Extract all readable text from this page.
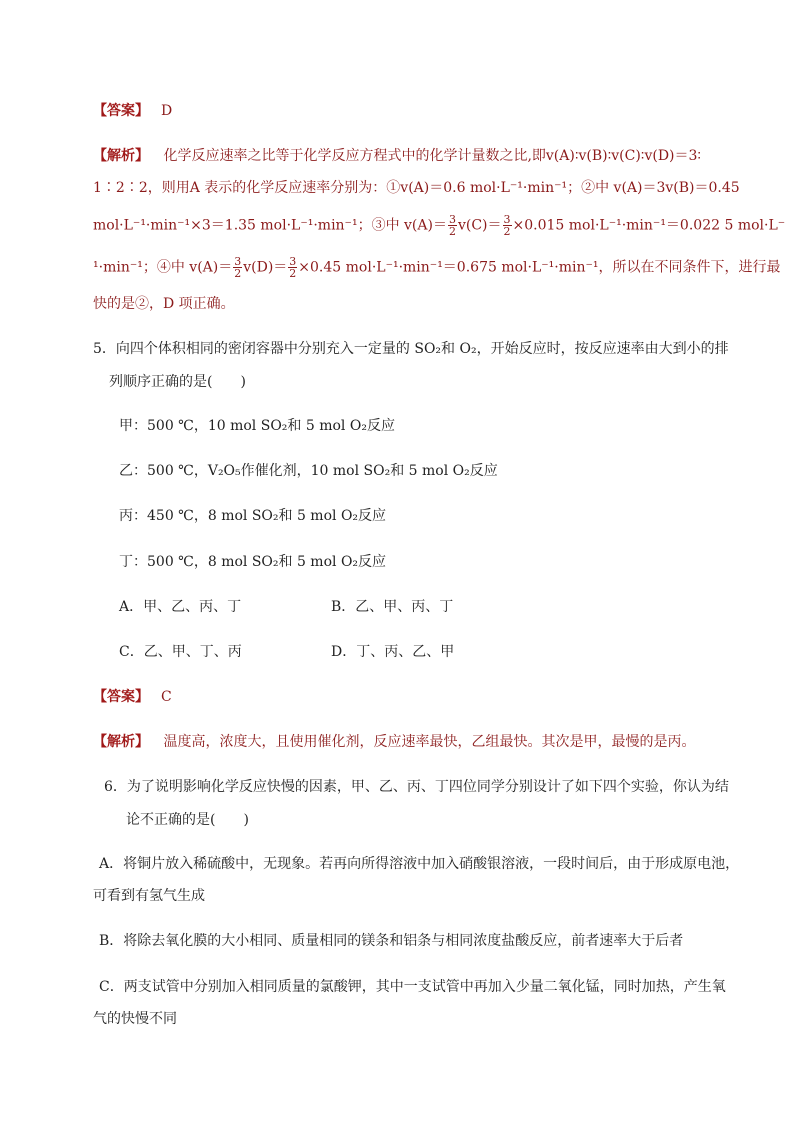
【答案】 D
【解析】 化学反应速率之比等于化学反应方程式中的化学计量数之比,即v(A)∶v(B)∶v(C)∶v(D)＝3∶
1∶2∶2，则用A 表示的化学反应速率分别为：①v(A)＝0.6 mol·L⁻¹·min⁻¹；②中 v(A)＝3v(B)＝0.45
mol·L⁻¹·min⁻¹×3＝1.35 mol·L⁻¹·min⁻¹；③中 $v(A)= \frac{3}{2} v(C)= \frac{3}{2} \times 0.015$ mol·L⁻¹·min⁻¹＝0.022 5 mol·L⁻
¹·min⁻¹；④中 $v(A)= \frac{3}{2} v(D)= \frac{3}{2} \times 0.45$ mol·L⁻¹·min⁻¹＝0.675 mol·L⁻¹·min⁻¹，所以在不同条件下，进行最
快的是②，D 项正确。
5．向四个体积相同的密闭容器中分别充入一定量的 SO₂和 O₂，开始反应时，按反应速率由大到小的排
列顺序正确的是(　　)
甲：500 ℃，10 mol SO₂和 5 mol O₂反应
乙：500 ℃，V₂O₅作催化剂，10 mol SO₂和 5 mol O₂反应
丙：450 ℃，8 mol SO₂和 5 mol O₂反应
丁：500 ℃，8 mol SO₂和 5 mol O₂反应
A．甲、乙、丙、丁	B．乙、甲、丙、丁
C．乙、甲、丁、丙	D．丁、丙、乙、甲
【答案】 C
【解析】 温度高，浓度大，且使用催化剂，反应速率最快，乙组最快。其次是甲，最慢的是丙。
6．为了说明影响化学反应快慢的因素，甲、乙、丙、丁四位同学分别设计了如下四个实验，你认为结
论不正确的是(　　)
A．将铜片放入稀硫酸中，无现象。若再向所得溶液中加入硝酸银溶液，一段时间后，由于形成原电池，
可看到有氢气生成
B．将除去氧化膜的大小相同、质量相同的镁条和铝条与相同浓度盐酸反应，前者速率大于后者
C．两支试管中分别加入相同质量的氯酸钾，其中一支试管中再加入少量二氧化锰，同时加热，产生氧
气的快慢不同
